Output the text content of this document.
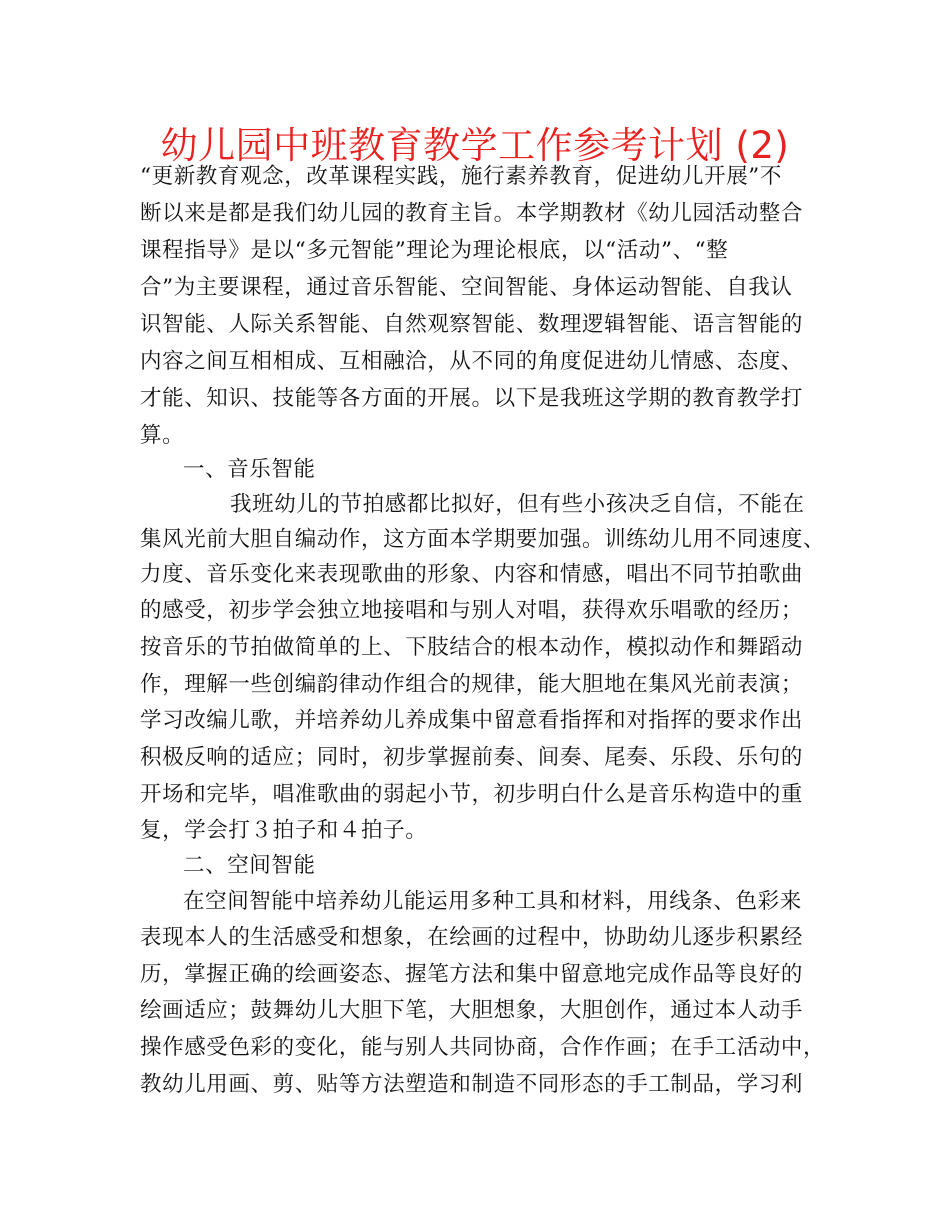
幼儿园中班教育教学工作参考计划 (2)
“更新教育观念，改革课程实践，施行素养教育，促进幼儿开展”不
断以来是都是我们幼儿园的教育主旨。本学期教材《幼儿园活动整合
课程指导》是以“多元智能”理论为理论根底，以“活动”、“整
合”为主要课程，通过音乐智能、空间智能、身体运动智能、自我认
识智能、人际关系智能、自然观察智能、数理逻辑智能、语言智能的
内容之间互相相成、互相融洽，从不同的角度促进幼儿情感、态度、
才能、知识、技能等各方面的开展。以下是我班这学期的教育教学打
算。
一、音乐智能
我班幼儿的节拍感都比拟好，但有些小孩决乏自信，不能在
集风光前大胆自编动作，这方面本学期要加强。训练幼儿用不同速度、
力度、音乐变化来表现歌曲的形象、内容和情感，唱出不同节拍歌曲
的感受，初步学会独立地接唱和与别人对唱，获得欢乐唱歌的经历；
按音乐的节拍做简单的上、下肢结合的根本动作，模拟动作和舞蹈动
作，理解一些创编韵律动作组合的规律，能大胆地在集风光前表演；
学习改编儿歌，并培养幼儿养成集中留意看指挥和对指挥的要求作出
积极反响的适应；同时，初步掌握前奏、间奏、尾奏、乐段、乐句的
开场和完毕，唱准歌曲的弱起小节，初步明白什么是音乐构造中的重
复，学会打３拍子和４拍子。
二、空间智能
在空间智能中培养幼儿能运用多种工具和材料，用线条、色彩来
表现本人的生活感受和想象，在绘画的过程中，协助幼儿逐步积累经
历，掌握正确的绘画姿态、握笔方法和集中留意地完成作品等良好的
绘画适应；鼓舞幼儿大胆下笔，大胆想象，大胆创作，通过本人动手
操作感受色彩的变化，能与别人共同协商，合作作画；在手工活动中，
教幼儿用画、剪、贴等方法塑造和制造不同形态的手工制品，学习利
